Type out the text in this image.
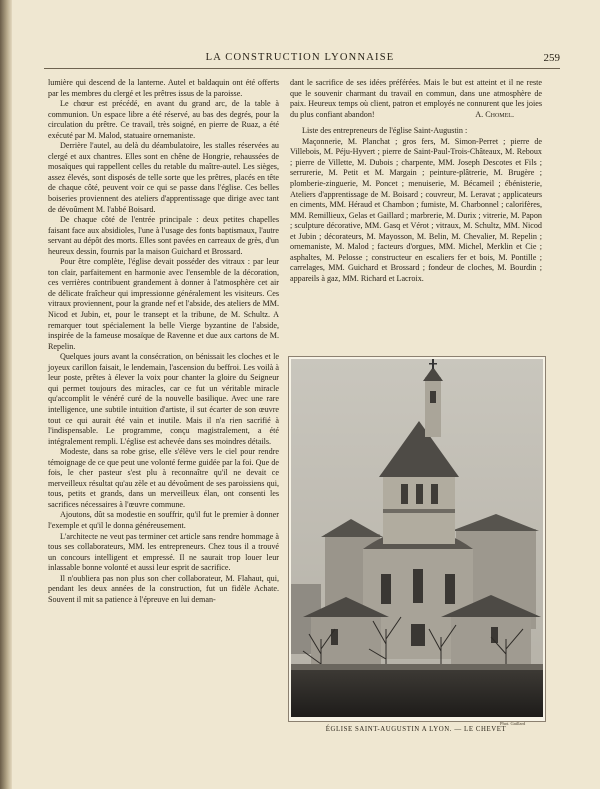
LA CONSTRUCTION LYONNAISE	259

lumière qui descend de la lanterne. Autel et baldaquin ont été offerts par les membres du clergé et les prêtres issus de la paroisse.

Le chœur est précédé, en avant du grand arc, de la table à communion. Un espace libre a été réservé, au bas des degrés, pour la circulation du prêtre. Ce travail, très soigné, en pierre de Ruaz, a été exécuté par M. Malod, statuaire ornemaniste.

Derrière l'autel, au delà du déambulatoire, les stalles réservées au clergé et aux chantres. Elles sont en chêne de Hongrie, rehaussées de mosaïques qui rappellent celles du retable du maître-autel. Les sièges, assez élevés, sont disposés de telle sorte que les prêtres, placés en tête de chaque côté, peuvent voir ce qui se passe dans l'église. Ces belles boiseries proviennent des ateliers d'apprentissage que dirige avec tant de dévoûment M. l'abbé Boisard.

De chaque côté de l'entrée principale : deux petites chapelles faisant face aux absidioles, l'une à l'usage des fonts baptismaux, l'autre servant au dépôt des morts. Elles sont pavées en carreaux de grès, d'un heureux dessin, fournis par la maison Guichard et Brossard.

Pour être complète, l'église devait posséder des vitraux : par leur ton clair, parfaitement en harmonie avec l'ensemble de la décoration, ces verrières contribuent grandement à donner à l'atmosphère cet air de délicate fraîcheur qui impressionne généralement les visiteurs. Ces vitraux proviennent, pour la grande nef et l'abside, des ateliers de MM. Nicod et Jubin, et, pour le transept et la tribune, de M. Schultz. A remarquer tout spécialement la belle Vierge byzantine de l'abside, inspirée de la fameuse mosaïque de Ravenne et due aux cartons de M. Repelin.

Quelques jours avant la consécration, on bénissait les cloches et le joyeux carillon faisait, le lendemain, l'ascension du beffroi. Les voilà à leur poste, prêtes à élever la voix pour chanter la gloire du Seigneur qui permet toujours des miracles, car ce fut un véritable miracle qu'accomplit le vénéré curé de la nouvelle basilique. Avec une rare intelligence, une subtile intuition d'artiste, il sut écarter de son œuvre tout ce qui aurait été vain et inutile. Mais il n'a rien sacrifié à l'indispensable. Le programme, conçu magistralement, a été intégralement rempli. L'église est achevée dans ses moindres détails.

Modeste, dans sa robe grise, elle s'élève vers le ciel pour rendre témoignage de ce que peut une volonté ferme guidée par la foi. Que de fois, le cher pasteur s'est plu à reconnaître qu'il ne devait ce merveilleux résultat qu'au zèle et au dévoûment de ses paroissiens qui, tous, petits et grands, dans un merveilleux élan, ont consenti les sacrifices nécessaires à l'œuvre commune.

Ajoutons, dût sa modestie en souffrir, qu'il fut le premier à donner l'exemple et qu'il le donna généreusement.

L'architecte ne veut pas terminer cet article sans rendre hommage à tous ses collaborateurs, MM. les entrepreneurs. Chez tous il a trouvé un concours intelligent et empressé. Il ne saurait trop louer leur inlassable bonne volonté et aussi leur esprit de sacrifice.

Il n'oubliera pas non plus son cher collaborateur, M. Flahaut, qui, pendant les deux années de la construction, fut un fidèle Achate. Souvent il mit sa patience à l'épreuve en lui deman-

dant le sacrifice de ses idées préférées. Mais le but est atteint et il ne reste que le souvenir charmant du travail en commun, dans une atmosphère de paix. Heureux temps où client, patron et employés ne connurent que les joies du plus confiant abandon!	A. Chomel.

Liste des entrepreneurs de l'église Saint-Augustin :

Maçonnerie, M. Planchat ; gros fers, M. Simon-Perret ; pierre de Villebois, M. Péju-Hyvert ; pierre de Saint-Paul-Trois-Châteaux, M. Reboux ; pierre de Villette, M. Dubois ; charpente, MM. Joseph Descotes et Fils ; serrurerie, M. Petit et M. Margain ; peinture-plâtrerie, M. Brugère ; plomberie-zinguerie, M. Poncet ; menuiserie, M. Bécameil ; ébénisterie, Ateliers d'apprentissage de M. Boisard ; couvreur, M. Leravat ; applicateurs en ciments, MM. Héraud et Chambon ; fumiste, M. Charbonnel ; calorifères, MM. Remillieux, Gelas et Gaillard ; marbrerie, M. Durix ; vitrerie, M. Papon ; sculpture décorative, MM. Gasq et Vérot ; vitraux, M. Schultz, MM. Nicod et Jubin ; décorateurs, M. Mayosson, M. Belin, M. Chevalier, M. Repelin ; ornemaniste, M. Malod ; facteurs d'orgues, MM. Michel, Merklin et Cie ; asphaltes, M. Pelosse ; constructeur en escaliers fer et bois, M. Pontille ; carrelages, MM. Guichard et Brossard ; fondeur de cloches, M. Bourdin ; appareils à gaz, MM. Richard et Lacroix.

Phot. Gaillard
ÉGLISE SAINT-AUGUSTIN A LYON. — LE CHEVET
